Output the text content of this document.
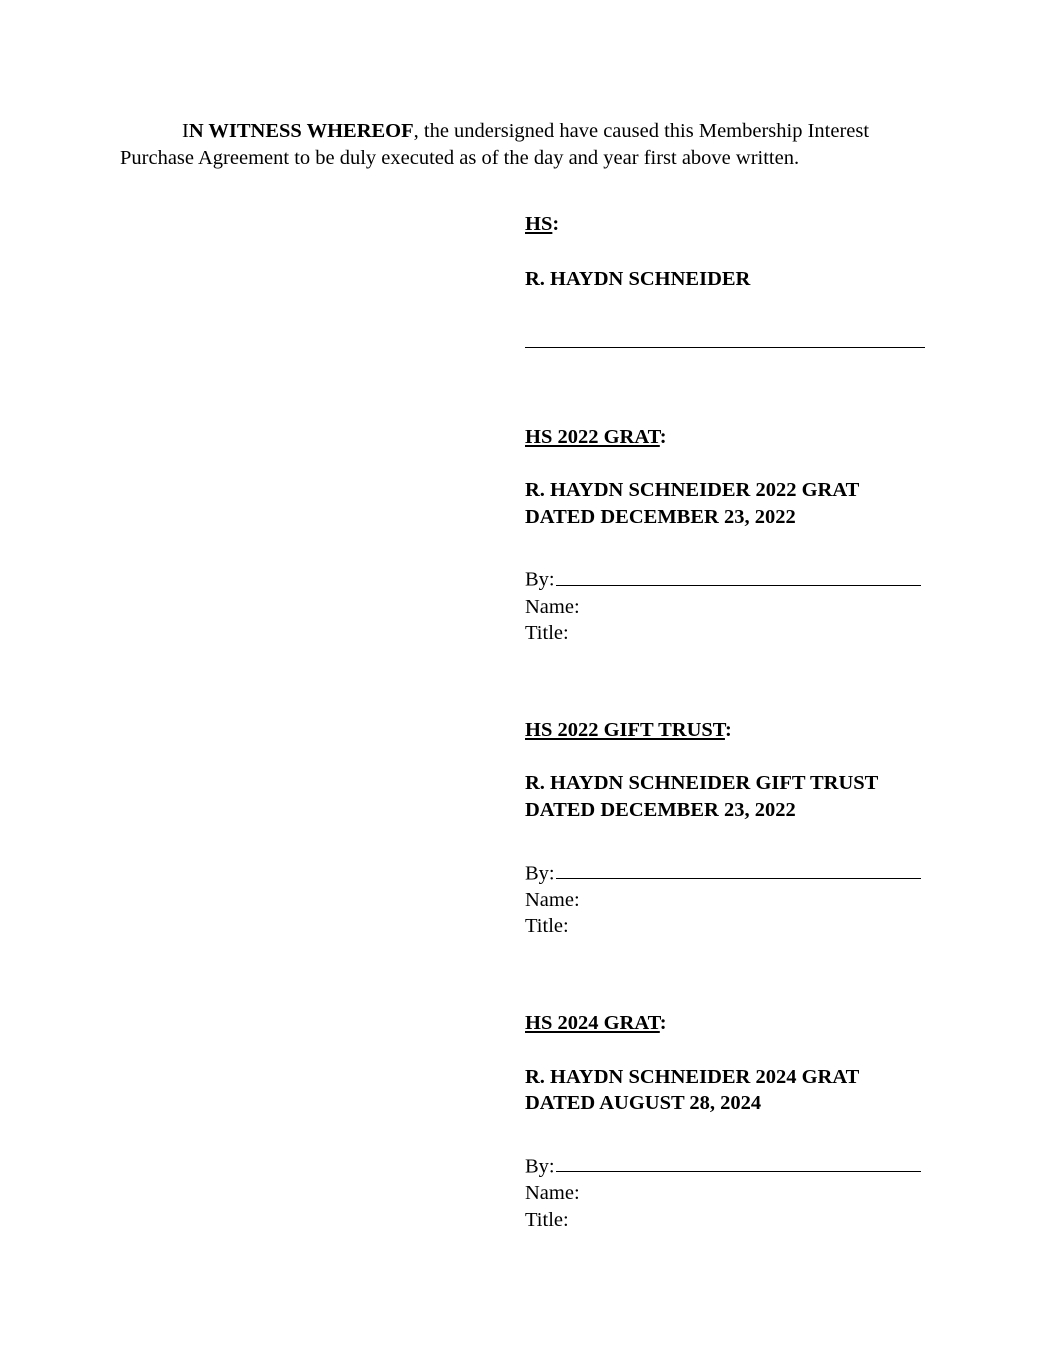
IN WITNESS WHEREOF, the undersigned have caused this Membership Interest
Purchase Agreement to be duly executed as of the day and year first above written.

HS:

R. HAYDN SCHNEIDER

HS 2022 GRAT:

R. HAYDN SCHNEIDER 2022 GRAT

DATED DECEMBER 23, 2022

By:

Name:

Title:

HS 2022 GIFT TRUST:

R. HAYDN SCHNEIDER GIFT TRUST

DATED DECEMBER 23, 2022

By:

Name:

Title:

HS 2024 GRAT:

R. HAYDN SCHNEIDER 2024 GRAT

DATED AUGUST 28, 2024

By:

Name:

Title:
